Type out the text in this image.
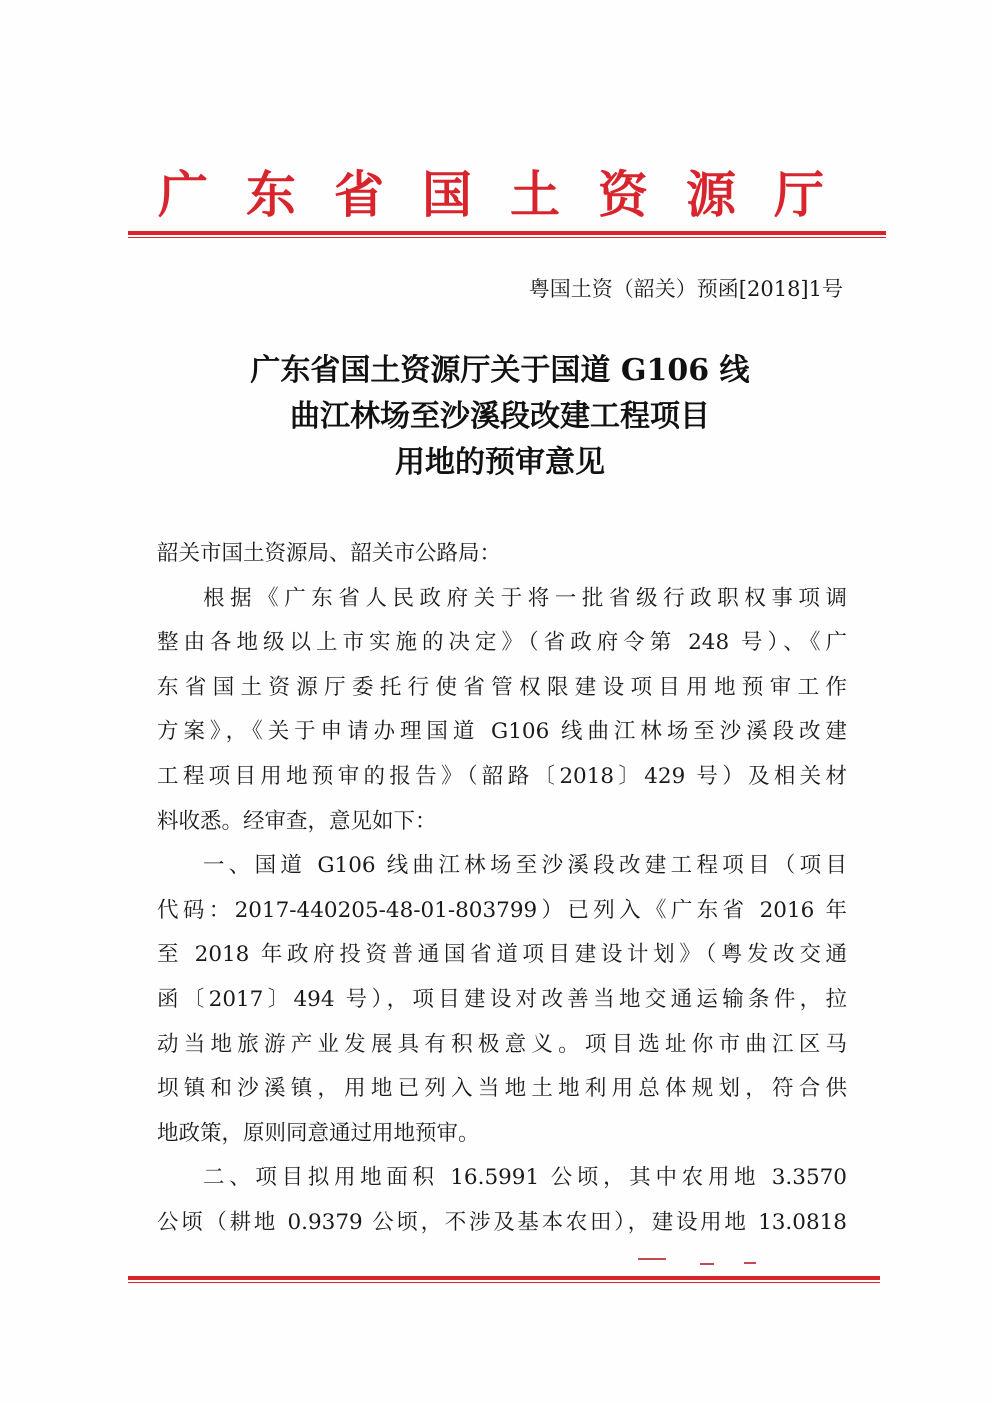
广东省国土资源厅
粤国土资（韶关）预函[2018]1号
广东省国土资源厅关于国道 G106 线
曲江林场至沙溪段改建工程项目
用地的预审意见
韶关市国土资源局、韶关市公路局：
根据《广东省人民政府关于将一批省级行政职权事项调
整由各地级以上市实施的决定》（省政府令第 248 号）、《广
东省国土资源厅委托行使省管权限建设项目用地预审工作
方案》，《关于申请办理国道 G106 线曲江林场至沙溪段改建
工程项目用地预审的报告》（韶路〔2018〕429 号）及相关材
料收悉。经审查，意见如下：
一、国道 G106 线曲江林场至沙溪段改建工程项目（项目
代码：2017-440205-48-01-803799）已列入《广东省 2016 年
至 2018 年政府投资普通国省道项目建设计划》（粤发改交通
函〔2017〕494 号），项目建设对改善当地交通运输条件，拉
动当地旅游产业发展具有积极意义。项目选址你市曲江区马
坝镇和沙溪镇，用地已列入当地土地利用总体规划，符合供
地政策，原则同意通过用地预审。
二、项目拟用地面积 16.5991 公顷，其中农用地 3.3570
公顷（耕地 0.9379 公顷，不涉及基本农田），建设用地 13.0818
